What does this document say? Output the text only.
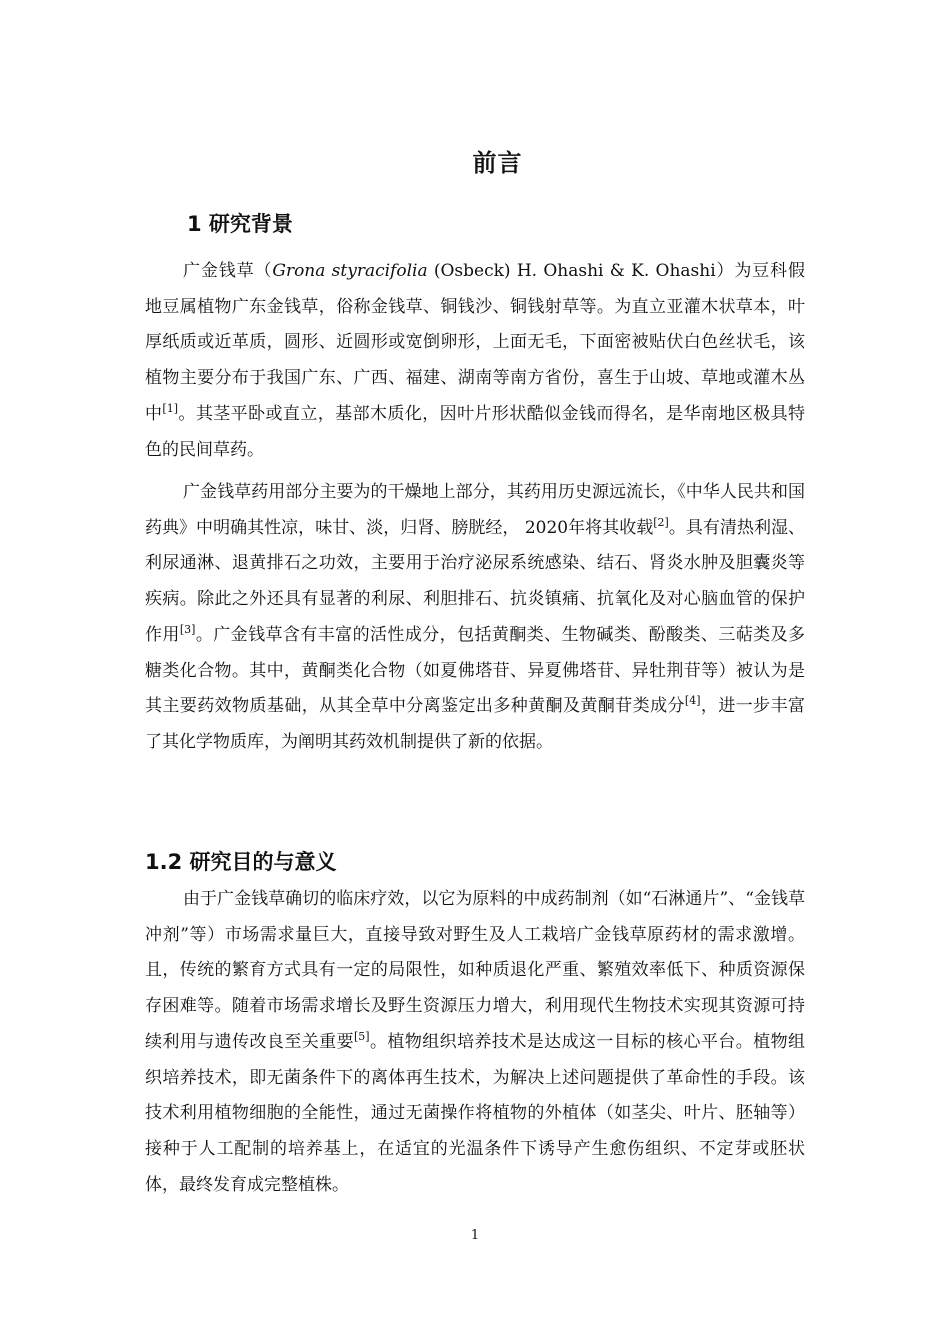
前言
1 研究背景

广金钱草（Grona styracifolia (Osbeck) H. Ohashi & K. Ohashi）为豆科假地豆属植物广东金钱草，俗称金钱草、铜钱沙、铜钱射草等。为直立亚灌木状草本，叶厚纸质或近革质，圆形、近圆形或宽倒卵形，上面无毛，下面密被贴伏白色丝状毛，该植物主要分布于我国广东、广西、福建、湖南等南方省份，喜生于山坡、草地或灌木丛中[1]。其茎平卧或直立，基部木质化，因叶片形状酷似金钱而得名，是华南地区极具特色的民间草药。

广金钱草药用部分主要为的干燥地上部分，其药用历史源远流长，《中华人民共和国药典》中明确其性凉，味甘、淡，归肾、膀胱经， 2020年将其收载[2]。具有清热利湿、利尿通淋、退黄排石之功效，主要用于治疗泌尿系统感染、结石、肾炎水肿及胆囊炎等疾病。除此之外还具有显著的利尿、利胆排石、抗炎镇痛、抗氧化及对心脑血管的保护作用[3]。广金钱草含有丰富的活性成分，包括黄酮类、生物碱类、酚酸类、三萜类及多糖类化合物。其中，黄酮类化合物（如夏佛塔苷、异夏佛塔苷、异牡荆苷等）被认为是其主要药效物质基础，从其全草中分离鉴定出多种黄酮及黄酮苷类成分[4]，进一步丰富了其化学物质库，为阐明其药效机制提供了新的依据。

1.2 研究目的与意义

由于广金钱草确切的临床疗效，以它为原料的中成药制剂（如“石淋通片”、“金钱草冲剂”等）市场需求量巨大，直接导致对野生及人工栽培广金钱草原药材的需求激增。且，传统的繁育方式具有一定的局限性，如种质退化严重、繁殖效率低下、种质资源保存困难等。随着市场需求增长及野生资源压力增大，利用现代生物技术实现其资源可持续利用与遗传改良至关重要[5]。植物组织培养技术是达成这一目标的核心平台。植物组织培养技术，即无菌条件下的离体再生技术，为解决上述问题提供了革命性的手段。该技术利用植物细胞的全能性，通过无菌操作将植物的外植体（如茎尖、叶片、胚轴等）接种于人工配制的培养基上，在适宜的光温条件下诱导产生愈伤组织、不定芽或胚状体，最终发育成完整植株。

1
